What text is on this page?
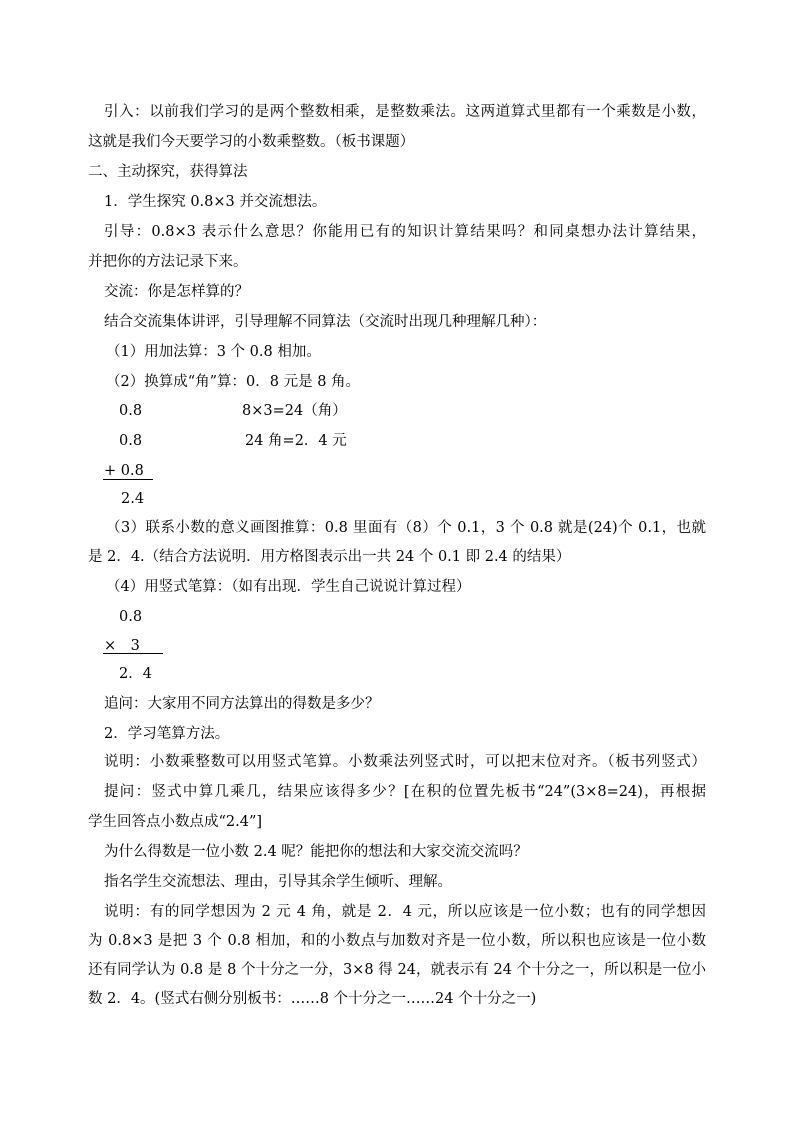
引入：以前我们学习的是两个整数相乘，是整数乘法。这两道算式里都有一个乘数是小数，
这就是我们今天要学习的小数乘整数。（板书课题）
二、主动探究，获得算法
1．学生探究 0.8×3 并交流想法。
引导：0.8×3 表示什么意思？你能用已有的知识计算结果吗？和同桌想办法计算结果，
并把你的方法记录下来。
交流：你是怎样算的？
结合交流集体讲评，引导理解不同算法（交流时出现几种理解几种）：
（1）用加法算：3 个 0.8 相加。
（2）换算成“角”算：0．8 元是 8 角。
0.8	8×3=24（角）
0.8	24 角=2．4 元
+ 0.8
2.4
（3）联系小数的意义画图推算：0.8 里面有（8）个 0.1，3 个 0.8 就是(24)个 0.1，也就
是 2．4.（结合方法说明．用方格图表示出一共 24 个 0.1 即 2.4 的结果）
（4）用竖式笔算：（如有出现．学生自己说说计算过程）
0.8
×　3
2．4
追问：大家用不同方法算出的得数是多少？
2．学习笔算方法。
说明：小数乘整数可以用竖式笔算。小数乘法列竖式时，可以把末位对齐。（板书列竖式）
提问：竖式中算几乘几，结果应该得多少？[在积的位置先板书“24”(3×8=24)，再根据
学生回答点小数点成“2.4”]
为什么得数是一位小数 2.4 呢？能把你的想法和大家交流交流吗？
指名学生交流想法、理由，引导其余学生倾听、理解。
说明：有的同学想因为 2 元 4 角，就是 2．4 元，所以应该是一位小数；也有的同学想因
为 0.8×3 是把 3 个 0.8 相加，和的小数点与加数对齐是一位小数，所以积也应该是一位小数
还有同学认为 0.8 是 8 个十分之一分，3×8 得 24，就表示有 24 个十分之一，所以积是一位小
数 2．4。(竖式右侧分别板书：……8 个十分之一……24 个十分之一)
